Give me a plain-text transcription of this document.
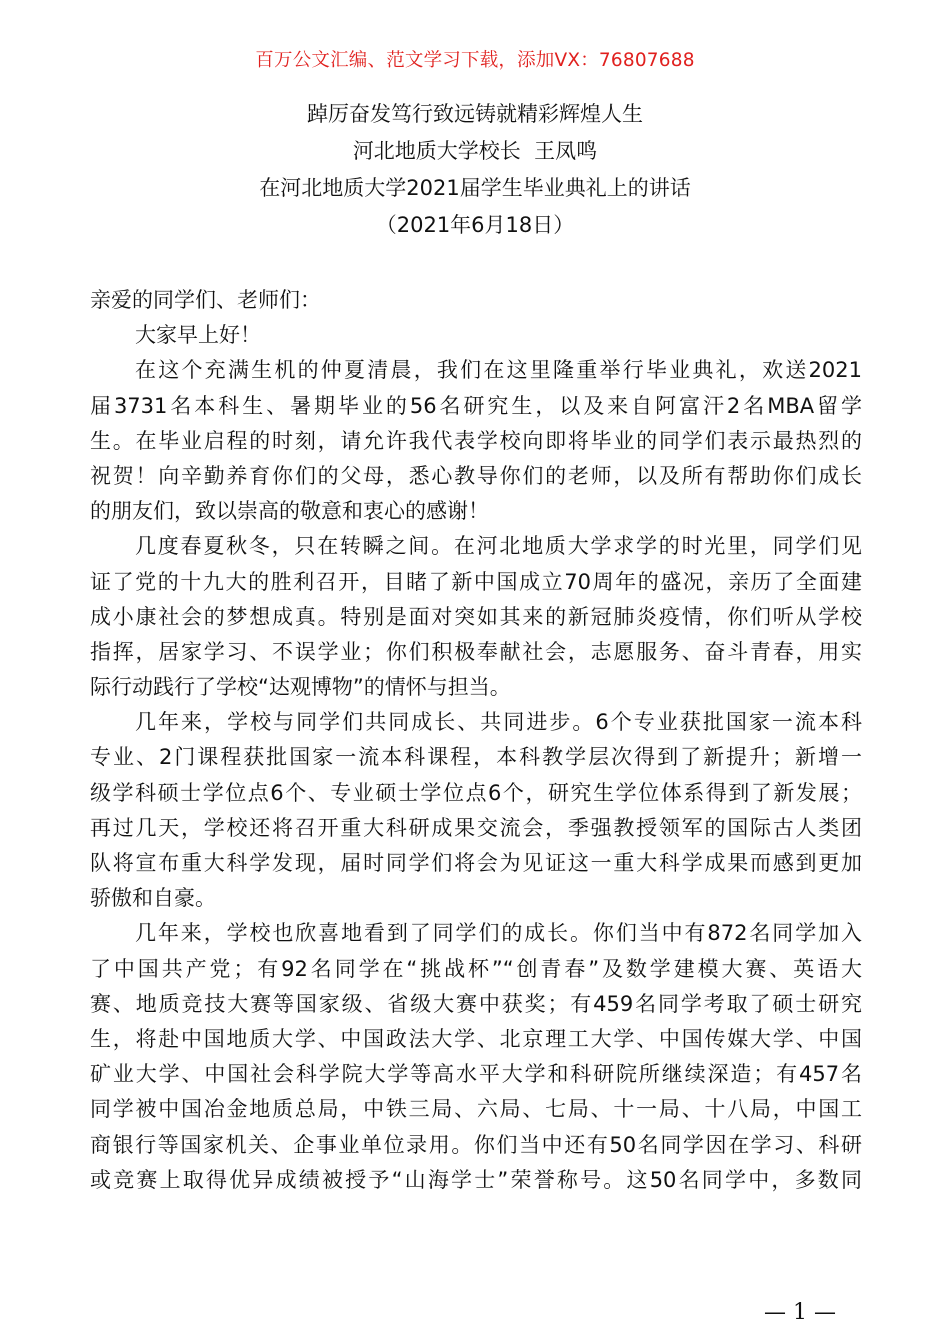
百万公文汇编、范文学习下载，添加VX：76807688
踔厉奋发笃行致远铸就精彩辉煌人生
河北地质大学校长  王凤鸣
在河北地质大学2021届学生毕业典礼上的讲话
（2021年6月18日）
亲爱的同学们、老师们：
大家早上好！
在这个充满生机的仲夏清晨，我们在这里隆重举行毕业典礼，欢送2021
届3731名本科生、暑期毕业的56名研究生，以及来自阿富汗2名MBA留学
生。在毕业启程的时刻，请允许我代表学校向即将毕业的同学们表示最热烈的
祝贺！向辛勤养育你们的父母，悉心教导你们的老师，以及所有帮助你们成长
的朋友们，致以崇高的敬意和衷心的感谢！
几度春夏秋冬，只在转瞬之间。在河北地质大学求学的时光里，同学们见
证了党的十九大的胜利召开，目睹了新中国成立70周年的盛况，亲历了全面建
成小康社会的梦想成真。特别是面对突如其来的新冠肺炎疫情，你们听从学校
指挥，居家学习、不误学业；你们积极奉献社会，志愿服务、奋斗青春，用实
际行动践行了学校“达观博物”的情怀与担当。
几年来，学校与同学们共同成长、共同进步。6个专业获批国家一流本科
专业、2门课程获批国家一流本科课程，本科教学层次得到了新提升；新增一
级学科硕士学位点6个、专业硕士学位点6个，研究生学位体系得到了新发展；
再过几天，学校还将召开重大科研成果交流会，季强教授领军的国际古人类团
队将宣布重大科学发现，届时同学们将会为见证这一重大科学成果而感到更加
骄傲和自豪。
几年来，学校也欣喜地看到了同学们的成长。你们当中有872名同学加入
了中国共产党；有92名同学在“挑战杯”“创青春”及数学建模大赛、英语大
赛、地质竞技大赛等国家级、省级大赛中获奖；有459名同学考取了硕士研究
生，将赴中国地质大学、中国政法大学、北京理工大学、中国传媒大学、中国
矿业大学、中国社会科学院大学等高水平大学和科研院所继续深造；有457名
同学被中国冶金地质总局，中铁三局、六局、七局、十一局、十八局，中国工
商银行等国家机关、企事业单位录用。你们当中还有50名同学因在学习、科研
或竞赛上取得优异成绩被授予“山海学士”荣誉称号。这50名同学中，多数同
— 1 —
